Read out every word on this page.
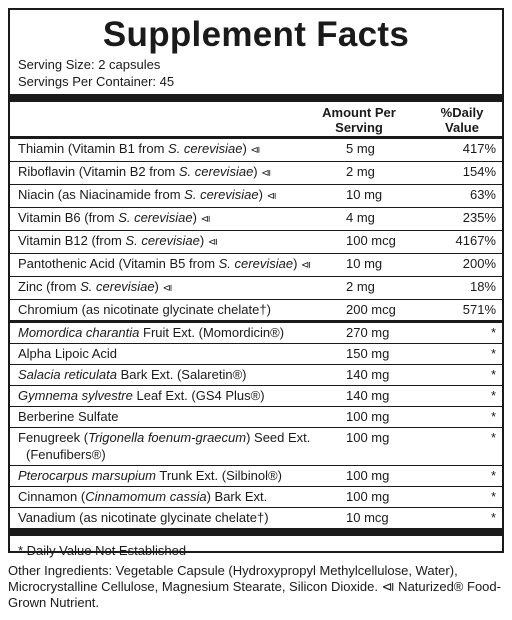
Supplement Facts
Serving Size: 2 capsules
Servings Per Container: 45
Amount Per
Serving
%Daily
Value
Thiamin (Vitamin B1 from S. cerevisiae) ⧏	5 mg	417%
Riboflavin (Vitamin B2 from S. cerevisiae) ⧏	2 mg	154%
Niacin (as Niacinamide from S. cerevisiae) ⧏	10 mg	63%
Vitamin B6 (from S. cerevisiae) ⧏	4 mg	235%
Vitamin B12 (from S. cerevisiae) ⧏	100 mcg	4167%
Pantothenic Acid (Vitamin B5 from S. cerevisiae) ⧏	10 mg	200%
Zinc (from S. cerevisiae) ⧏	2 mg	18%
Chromium (as nicotinate glycinate chelate†)	200 mcg	571%
Momordica charantia Fruit Ext. (Momordicin®)	270 mg	*
Alpha Lipoic Acid	150 mg	*
Salacia reticulata Bark Ext. (Salaretin®)	140 mg	*
Gymnema sylvestre Leaf Ext. (GS4 Plus®)	140 mg	*
Berberine Sulfate	100 mg	*
Fenugreek (Trigonella foenum-graecum) Seed Ext. (Fenufibers®)
100 mg	*
Pterocarpus marsupium Trunk Ext. (Silbinol®)	100 mg	*
Cinnamon (Cinnamomum cassia) Bark Ext.	100 mg	*
Vanadium (as nicotinate glycinate chelate†)	10 mcg	*
* Daily Value Not Established
Other Ingredients: Vegetable Capsule (Hydroxypropyl Methylcellulose, Water), Microcrystalline Cellulose, Magnesium Stearate, Silicon Dioxide. ⧏ Naturized® Food-Grown Nutrient.
